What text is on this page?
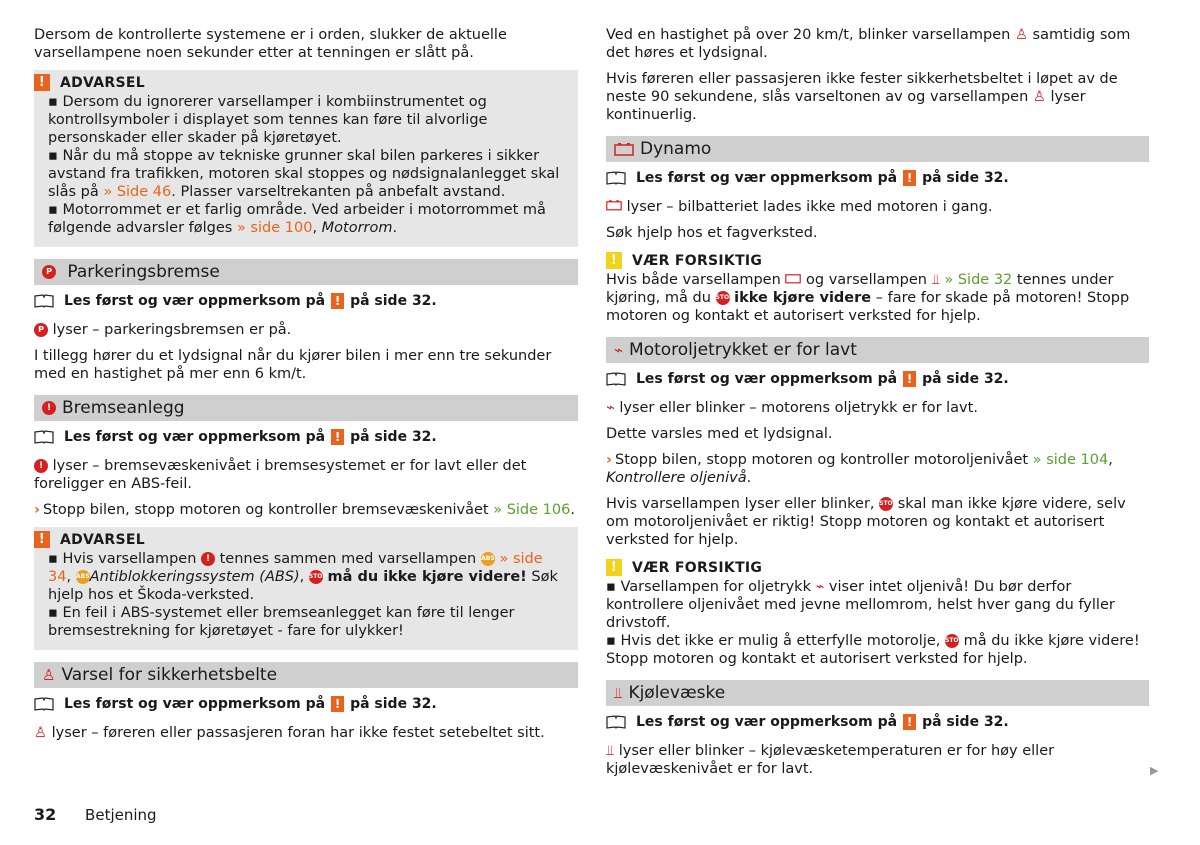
Dersom de kontrollerte systemene er i orden, slukker de aktuelle varsellampene noen sekunder etter at tenningen er slått på.

!	ADVARSEL
▪ Dersom du ignorerer varsellamper i kombiinstrumentet og kontrollsymboler i displayet som tennes kan føre til alvorlige personskader eller skader på kjøretøyet.
▪ Når du må stoppe av tekniske grunner skal bilen parkeres i sikker avstand fra trafikken, motoren skal stoppes og nødsignalanlegget skal slås på » Side 46. Plasser varseltrekanten på anbefalt avstand.
▪ Motorrommet er et farlig område. Ved arbeider i motorrommet må følgende advarsler følges » side 100, Motorrom.
P
Parkeringsbremse
Les først og vær oppmerksom på ! på side 32.

P lyser – parkeringsbremsen er på.

I tillegg hører du et lydsignal når du kjører bilen i mer enn tre sekunder med en hastighet på mer enn 6 km/t.

! Bremseanlegg
Les først og vær oppmerksom på ! på side 32.

! lyser – bremsevæskenivået i bremsesystemet er for lavt eller det foreligger en ABS-feil.

› Stopp bilen, stopp motoren og kontroller bremsevæskenivået » Side 106.

!	ADVARSEL
▪ Hvis varsellampen ! tennes sammen med varsellampen ABS » side 34, ABSAntiblokkeringssystem (ABS), STOP må du ikke kjøre videre! Søk hjelp hos et Škoda-verksted.
▪ En feil i ABS-systemet eller bremseanlegget kan føre til lenger bremsestrekning for kjøretøyet - fare for ulykker!
♙ Varsel for sikkerhetsbelte
Les først og vær oppmerksom på ! på side 32.

♙ lyser – føreren eller passasjeren foran har ikke festet setebeltet sitt.

Ved en hastighet på over 20 km/t, blinker varsellampen ♙ samtidig som det høres et lydsignal.

Hvis føreren eller passasjeren ikke fester sikkerhetsbeltet i løpet av de neste 90 sekundene, slås varseltonen av og varsellampen ♙ lyser kontinuerlig.

Dynamo
Les først og vær oppmerksom på ! på side 32.

lyser – bilbatteriet lades ikke med motoren i gang.

Søk hjelp hos et fagverksted.

!	VÆR FORSIKTIG

Hvis både varsellampen og varsellampen ⫫ » Side 32 tennes under kjøring, må du STOP ikke kjøre videre – fare for skade på motoren! Stopp motoren og kontakt et autorisert verksted for hjelp.

⌁ Motoroljetrykket er for lavt
Les først og vær oppmerksom på ! på side 32.

⌁ lyser eller blinker – motorens oljetrykk er for lavt.

Dette varsles med et lydsignal.

› Stopp bilen, stopp motoren og kontroller motoroljenivået » side 104, Kontrollere oljenivå.

Hvis varsellampen lyser eller blinker, STOP skal man ikke kjøre videre, selv om motoroljenivået er riktig! Stopp motoren og kontakt et autorisert verksted for hjelp.

!	VÆR FORSIKTIG

▪ Varsellampen for oljetrykk ⌁ viser intet oljenivå! Du bør derfor kontrollere oljenivået med jevne mellomrom, helst hver gang du fyller drivstoff.

▪ Hvis det ikke er mulig å etterfylle motorolje, STOP må du ikke kjøre videre! Stopp motoren og kontakt et autorisert verksted for hjelp.

⫫ Kjølevæske
Les først og vær oppmerksom på ! på side 32.

⫫ lyser eller blinker – kjølevæsketemperaturen er for høy eller kjølevæskenivået er for lavt.	▶
32 Betjening
